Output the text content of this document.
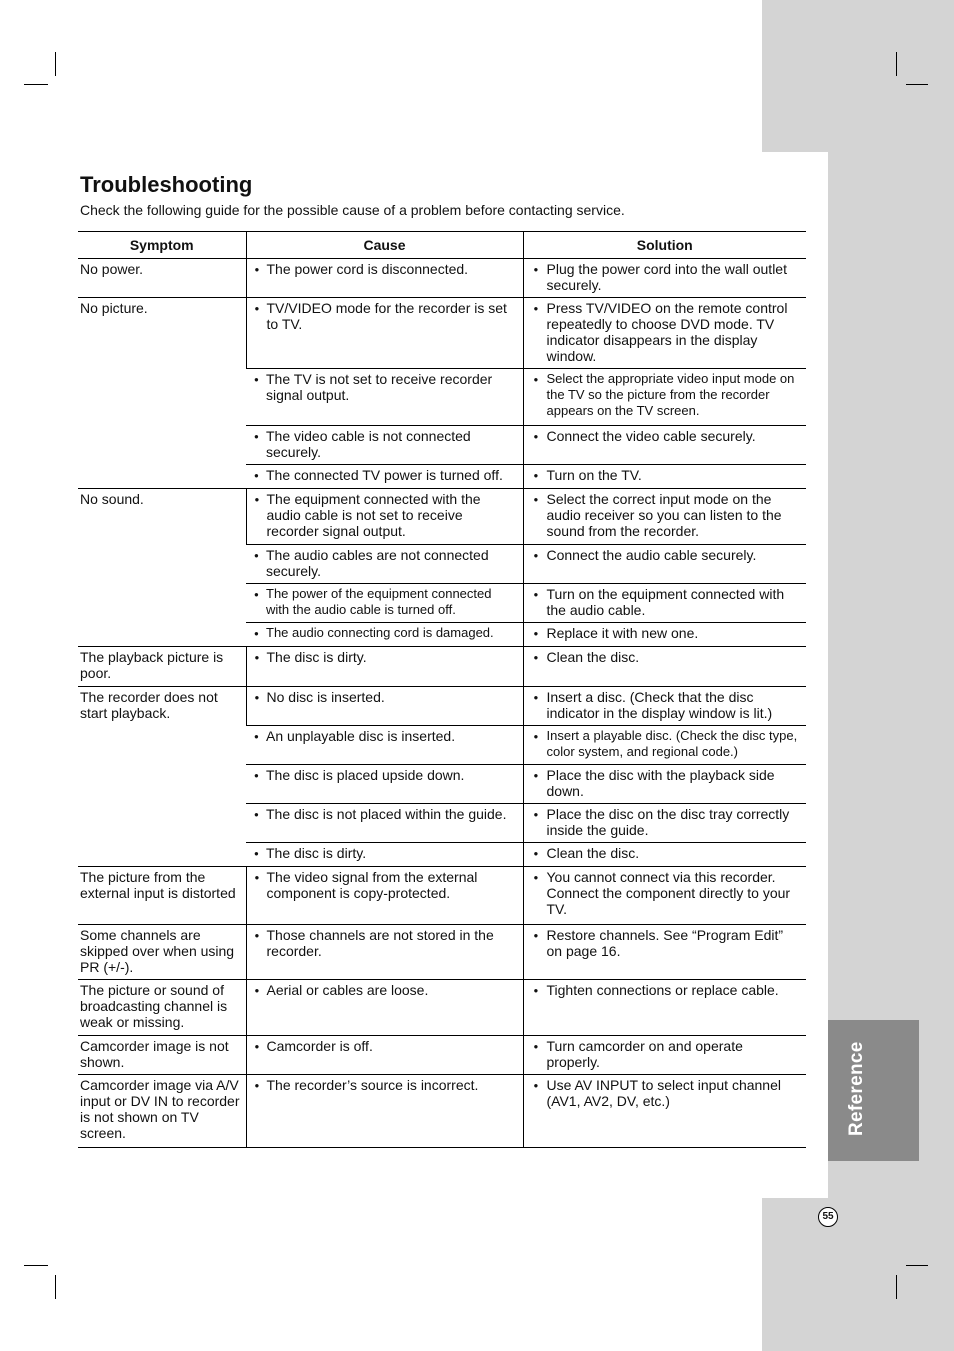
Reference
Troubleshooting

Check the following guide for the possible cause of a problem before contacting service.

Symptom	Cause	Solution
No power.	● The power cord is disconnected.	● Plug the power cord into the wall outlet securely.
No picture.	● TV/VIDEO mode for the recorder is set to TV.	● Press TV/VIDEO on the remote control repeatedly to choose DVD mode. TV indicator disappears in the display window.
	● The TV is not set to receive recorder signal output.	● Select the appropriate video input mode on the TV so the picture from the recorder appears on the TV screen.
	● The video cable is not connected securely.	● Connect the video cable securely.
	● The connected TV power is turned off.	● Turn on the TV.
No sound.	● The equipment connected with the audio cable is not set to receive recorder signal output.	● Select the correct input mode on the audio receiver so you can listen to the sound from the recorder.
	● The audio cables are not connected securely.	● Connect the audio cable securely.
	● The power of the equipment connected with the audio cable is turned off.	● Turn on the equipment connected with the audio cable.
	● The audio connecting cord is damaged.	● Replace it with new one.
The playback picture is poor.	● The disc is dirty.	● Clean the disc.
The recorder does not start playback.	● No disc is inserted.	● Insert a disc. (Check that the disc indicator in the display window is lit.)
	● An unplayable disc is inserted.	● Insert a playable disc. (Check the disc type, color system, and regional code.)
	● The disc is placed upside down.	● Place the disc with the playback side down.
	● The disc is not placed within the guide.	● Place the disc on the disc tray correctly inside the guide.
	● The disc is dirty.	● Clean the disc.
The picture from the external input is distorted	● The video signal from the external component is copy-protected.	● You cannot connect via this recorder. Connect the component directly to your TV.
Some channels are skipped over when using PR (+/-).	● Those channels are not stored in the recorder.	● Restore channels. See “Program Edit” on page 16.
The picture or sound of broadcasting channel is weak or missing.	● Aerial or cables are loose.	● Tighten connections or replace cable.
Camcorder image is not shown.	● Camcorder is off.	● Turn camcorder on and operate properly.
Camcorder image via A/V input or DV IN to recorder is not shown on TV screen.	● The recorder’s source is incorrect.	● Use AV INPUT to select input channel (AV1, AV2, DV, etc.)
55
